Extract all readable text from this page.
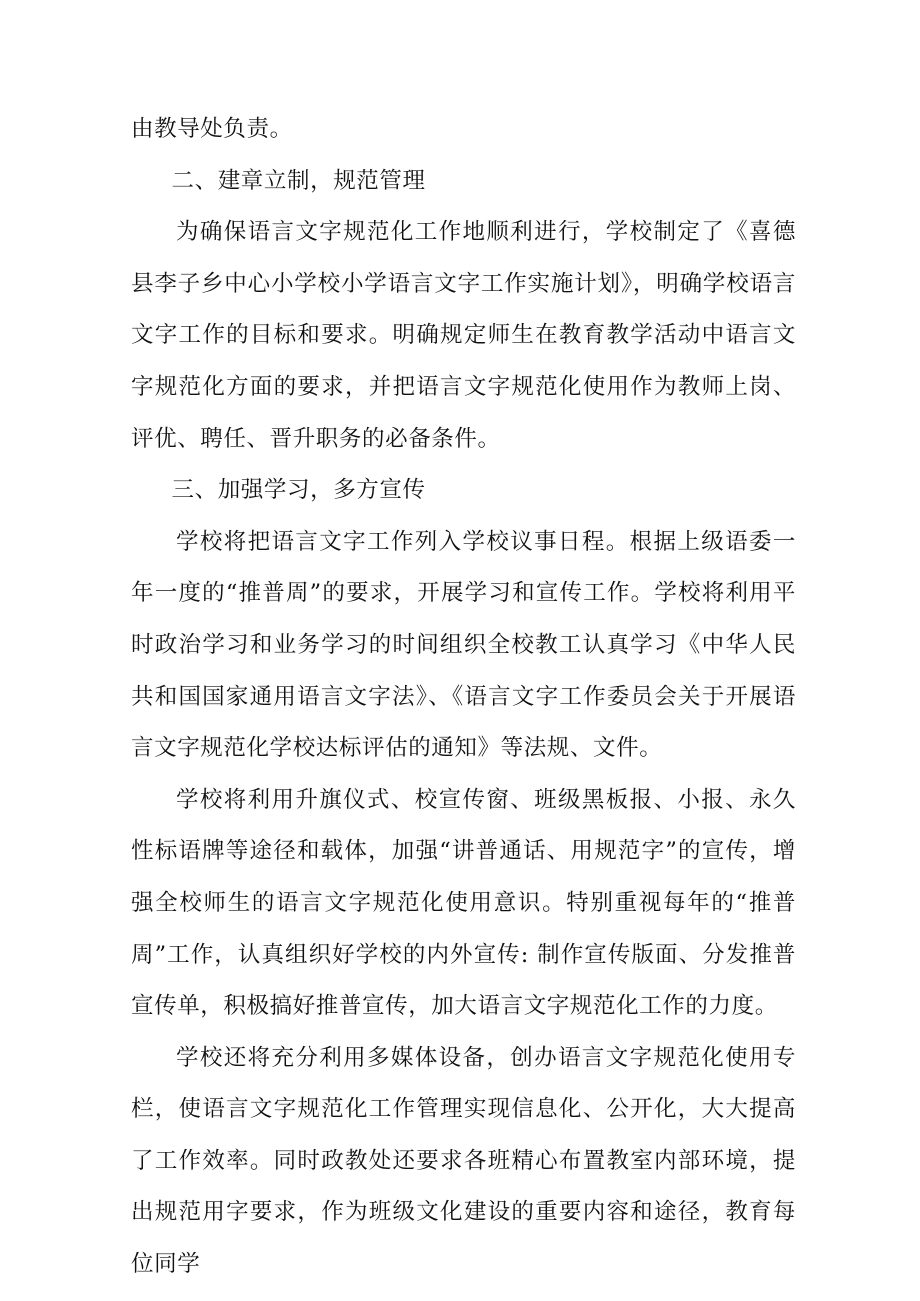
由教导处负责。

二、建章立制，规范管理

为确保语言文字规范化工作地顺利进行，学校制定了《喜德县李子乡中心小学校小学语言文字工作实施计划》，明确学校语言文字工作的目标和要求。明确规定师生在教育教学活动中语言文字规范化方面的要求，并把语言文字规范化使用作为教师上岗、评优、聘任、晋升职务的必备条件。

三、加强学习，多方宣传

学校将把语言文字工作列入学校议事日程。根据上级语委一年一度的“推普周”的要求，开展学习和宣传工作。学校将利用平时政治学习和业务学习的时间组织全校教工认真学习《中华人民共和国国家通用语言文字法》、《语言文字工作委员会关于开展语言文字规范化学校达标评估的通知》等法规、文件。

学校将利用升旗仪式、校宣传窗、班级黑板报、小报、永久性标语牌等途径和载体，加强“讲普通话、用规范字”的宣传，增强全校师生的语言文字规范化使用意识。特别重视每年的“推普周”工作，认真组织好学校的内外宣传: 制作宣传版面、分发推普宣传单，积极搞好推普宣传，加大语言文字规范化工作的力度。

学校还将充分利用多媒体设备，创办语言文字规范化使用专栏，使语言文字规范化工作管理实现信息化、公开化，大大提高了工作效率。同时政教处还要求各班精心布置教室内部环境，提出规范用字要求，作为班级文化建设的重要内容和途径，教育每位同学
